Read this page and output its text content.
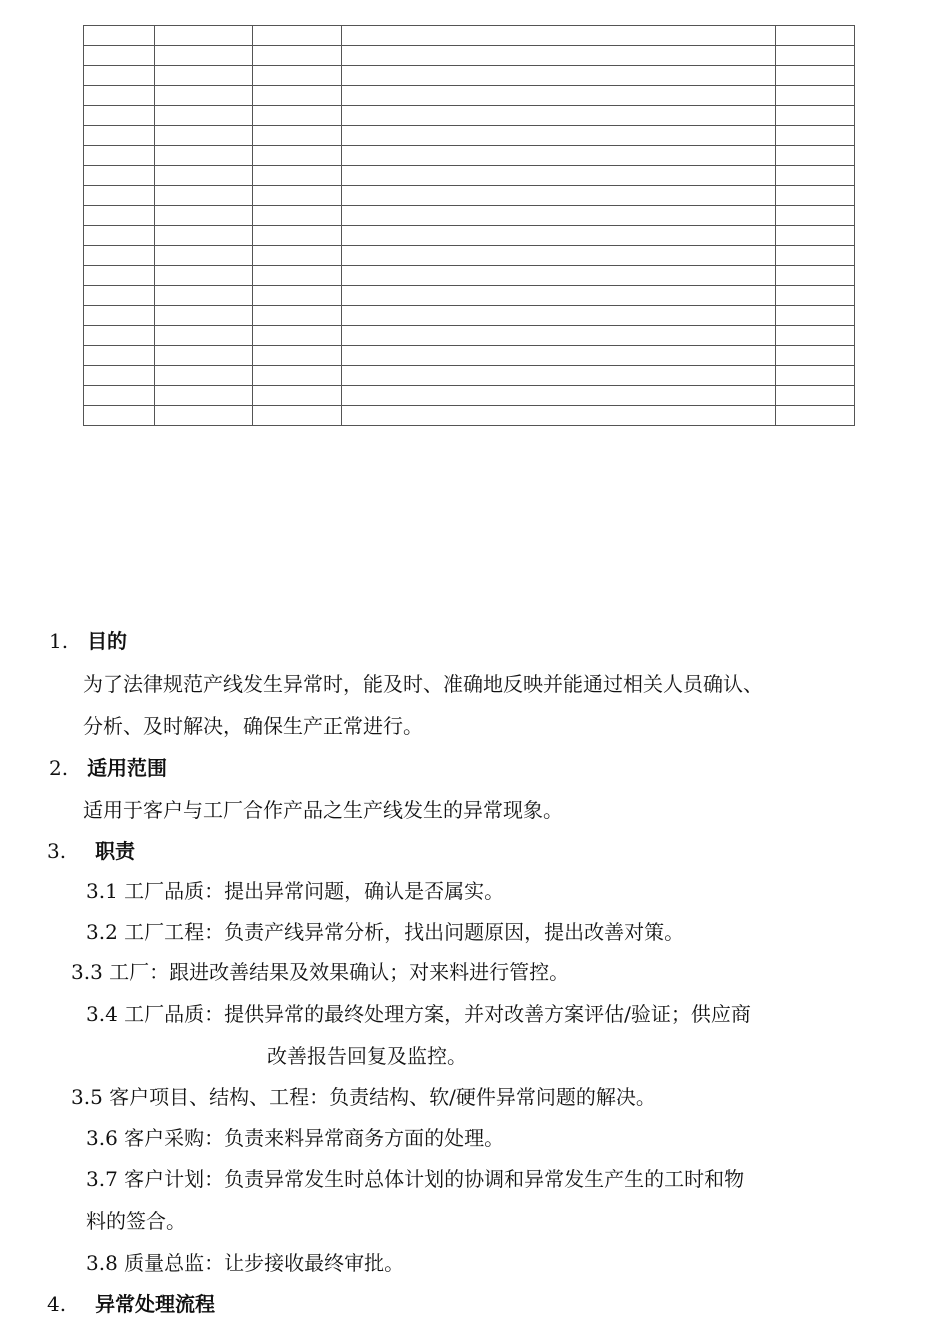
1. 目的
为了法律规范产线发生异常时，能及时、准确地反映并能通过相关人员确认、
分析、及时解决，确保生产正常进行。
2. 适用范围
适用于客户与工厂合作产品之生产线发生的异常现象。
3. 职责
3.1 工厂品质：提出异常问题，确认是否属实。
3.2 工厂工程：负责产线异常分析，找出问题原因，提出改善对策。
3.3 工厂：跟进改善结果及效果确认；对来料进行管控。
3.4 工厂品质：提供异常的最终处理方案，并对改善方案评估/验证；供应商
改善报告回复及监控。
3.5 客户项目、结构、工程：负责结构、软/硬件异常问题的解决。
3.6 客户采购：负责来料异常商务方面的处理。
3.7 客户计划：负责异常发生时总体计划的协调和异常发生产生的工时和物
料的签合。
3.8 质量总监：让步接收最终审批。
4. 异常处理流程
